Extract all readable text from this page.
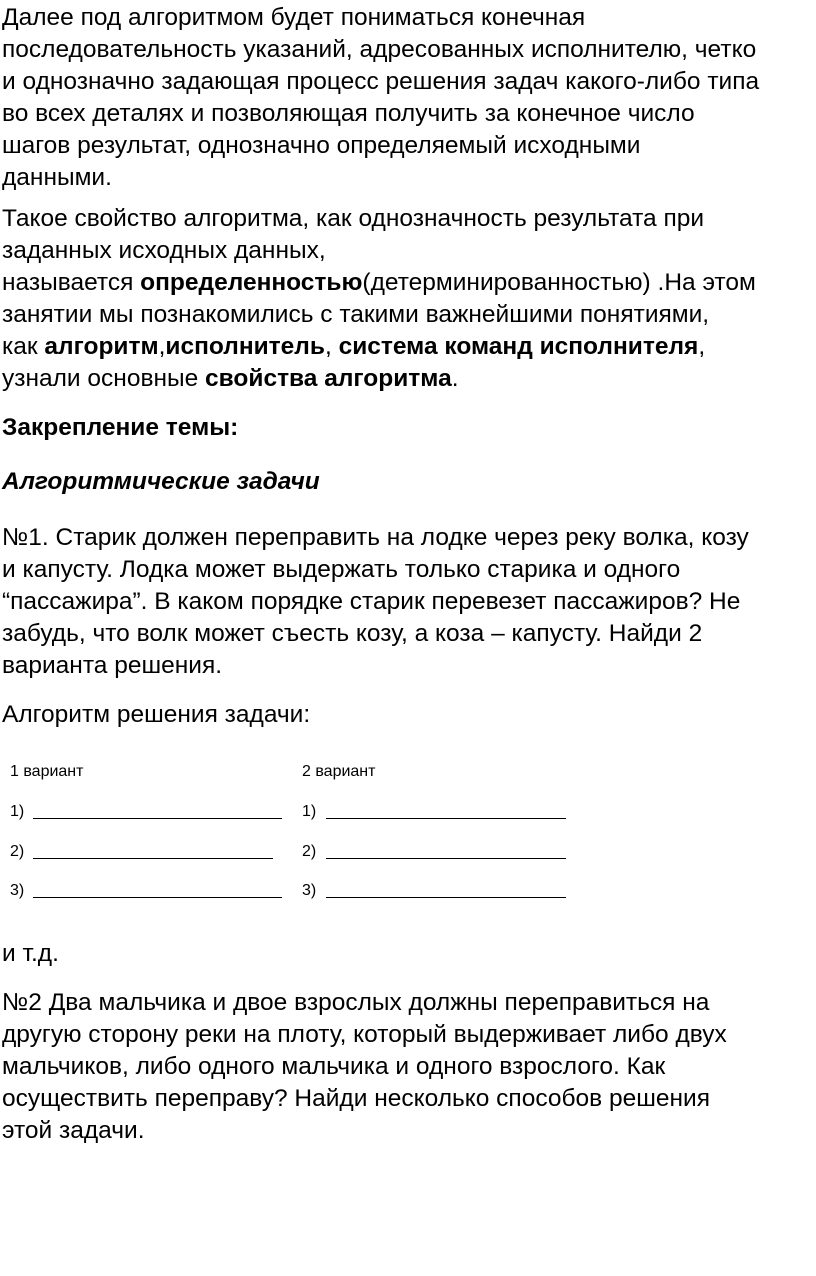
Далее под алгоритмом будет пониматься конечная
последовательность указаний, адресованных исполнителю, четко
и однозначно задающая процесс решения задач какого-либо типа
во всех деталях и позволяющая получить за конечное число
шагов результат, однозначно определяемый исходными
данными.
Такое свойство алгоритма, как однозначность результата при
заданных исходных данных,
называется определенностью(детерминированностью) .На этом
занятии мы познакомились с такими важнейшими понятиями,
как алгоритм,исполнитель, система команд исполнителя,
узнали основные свойства алгоритма.
Закрепление темы:
Алгоритмические задачи
№1. Старик должен переправить на лодке через реку волка, козу
и капусту. Лодка может выдержать только старика и одного
“пассажира”. В каком порядке старик перевезет пассажиров? Не
забудь, что волк может съесть козу, а коза – капусту. Найди 2
варианта решения.
Алгоритм решения задачи:
1 вариант	2 вариант
1)	1)
2)	2)
3)	3)
и т.д.
№2 Два мальчика и двое взрослых должны переправиться на
другую сторону реки на плоту, который выдерживает либо двух
мальчиков, либо одного мальчика и одного взрослого. Как
осуществить переправу? Найди несколько способов решения
этой задачи.
